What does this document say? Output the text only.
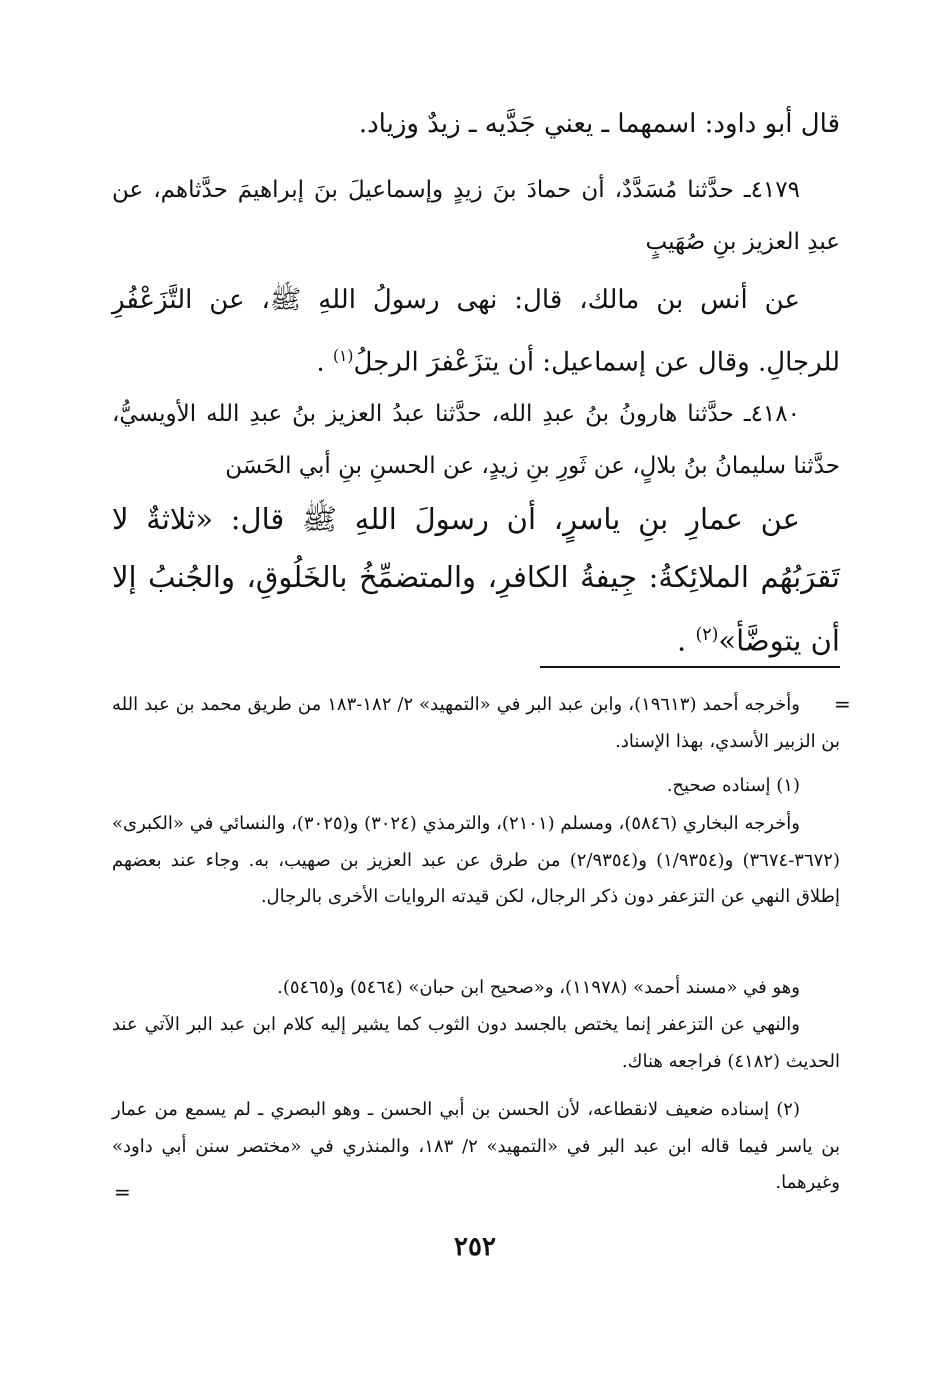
قال أبو داود: اسمهما ـ يعني جَدَّيه ـ زيدٌ وزياد.

٤١٧٩ـ حدَّثنا مُسَدَّدٌ، أن حمادَ بنَ زيدٍ وإسماعيلَ بنَ إبراهيمَ حدَّثاهم، عن عبدِ العزيز بنِ صُهَيبٍ

عن أنس بن مالك، قال: نهى رسولُ اللهِ ﷺ، عن التَّزَعْفُرِ للرجالِ. وقال عن إسماعيل: أن يتزَعْفرَ الرجلُ$^{(١)}$ .

٤١٨٠ـ حدَّثنا هارونُ بنُ عبدِ الله، حدَّثنا عبدُ العزيز بنُ عبدِ الله الأويسيُّ، حدَّثنا سليمانُ بنُ بلالٍ، عن ثَورِ بنِ زيدٍ، عن الحسنِ بنِ أبي الحَسَن

عن عمارِ بنِ ياسرٍ، أن رسولَ اللهِ ﷺ قال: «ثلاثةٌ لا تَقرَبُهُم الملائِكةُ: جِيفةُ الكافرِ، والمتضمِّخُ بالخَلُوقِ، والجُنبُ إلا أن يتوضَّأ»$^{(٢)}$ .

=

وأخرجه أحمد (١٩٦١٣)، وابن عبد البر في «التمهيد» ٢/ ١٨٢-١٨٣ من طريق محمد بن عبد الله بن الزبير الأسدي، بهذا الإسناد.

(١) إسناده صحيح.

وأخرجه البخاري (٥٨٤٦)، ومسلم (٢١٠١)، والترمذي (٣٠٢٤) و(٣٠٢٥)، والنسائي في «الكبرى» (٣٦٧٢-٣٦٧٤) و(١/٩٣٥٤) و(٢/٩٣٥٤) من طرق عن عبد العزيز بن صهيب، به. وجاء عند بعضهم إطلاق النهي عن التزعفر دون ذكر الرجال، لكن قيدته الروايات الأخرى بالرجال.

وهو في «مسند أحمد» (١١٩٧٨)، و«صحيح ابن حبان» (٥٤٦٤) و(٥٤٦٥).

والنهي عن التزعفر إنما يختص بالجسد دون الثوب كما يشير إليه كلام ابن عبد البر الآتي عند الحديث (٤١٨٢) فراجعه هناك.

(٢) إسناده ضعيف لانقطاعه، لأن الحسن بن أبي الحسن ـ وهو البصري ـ لم يسمع من عمار بن ياسر فيما قاله ابن عبد البر في «التمهيد» ٢/ ١٨٣، والمنذري في «مختصر سنن أبي داود» وغيرهما.

=
٢٥٢
